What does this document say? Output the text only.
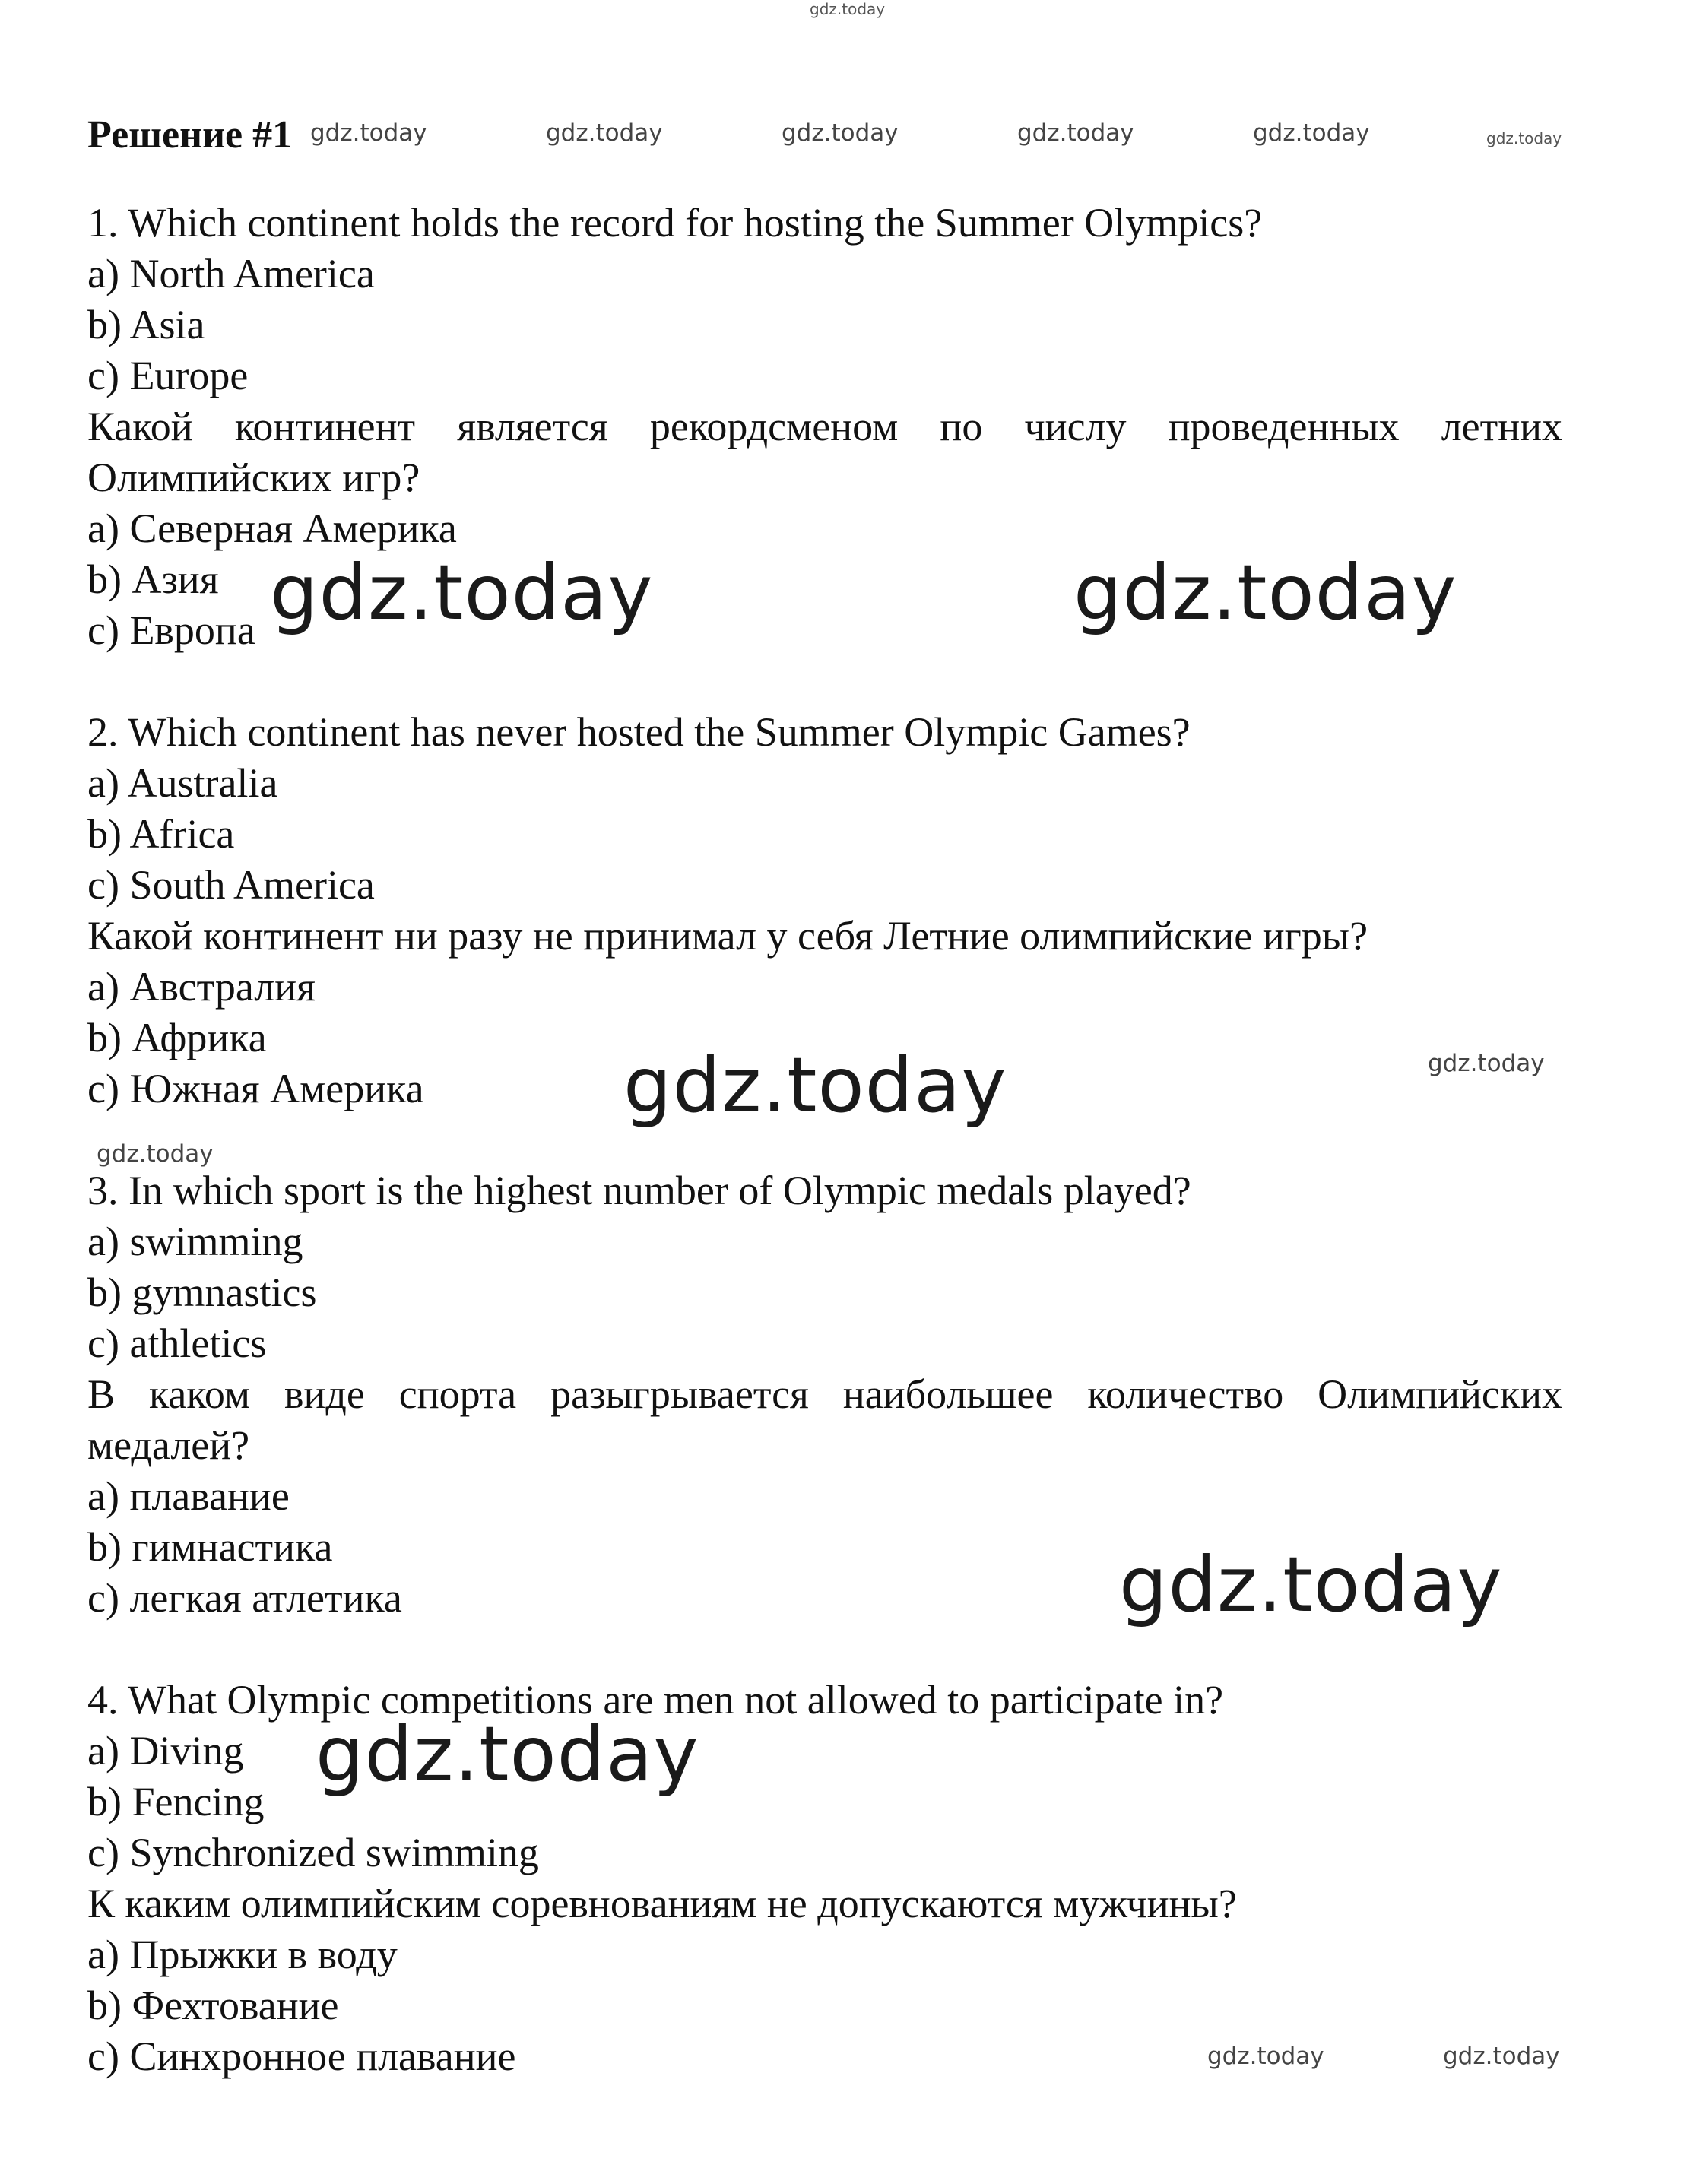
Решение #1

1. Which continent holds the record for hosting the Summer Olympics?

a) North America

b) Asia

c) Europe

Какой континент является рекордсменом по числу проведенных летних Олимпийских игр?

a) Северная Америка

b) Азия

c) Европа

2. Which continent has never hosted the Summer Olympic Games?

a) Australia

b) Africa

c) South America

Какой континент ни разу не принимал у себя Летние олимпийские игры?

a) Австралия

b) Африка

c) Южная Америка

3. In which sport is the highest number of Olympic medals played?

a) swimming

b) gymnastics

c) athletics

В каком виде спорта разыгрывается наибольшее количество Олимпийских медалей?

a) плавание

b) гимнастика

c) легкая атлетика

4. What Olympic competitions are men not allowed to participate in?

a) Diving

b) Fencing

c) Synchronized swimming

К каким олимпийским соревнованиям не допускаются мужчины?

a) Прыжки в воду

b) Фехтование

c) Синхронное плавание

gdz.today
gdz.today	gdz.today	gdz.today	gdz.today	gdz.today	gdz.today
gdz.today	gdz.today
gdz.today	gdz.today
gdz.today
gdz.today
gdz.today
gdz.today	gdz.today
